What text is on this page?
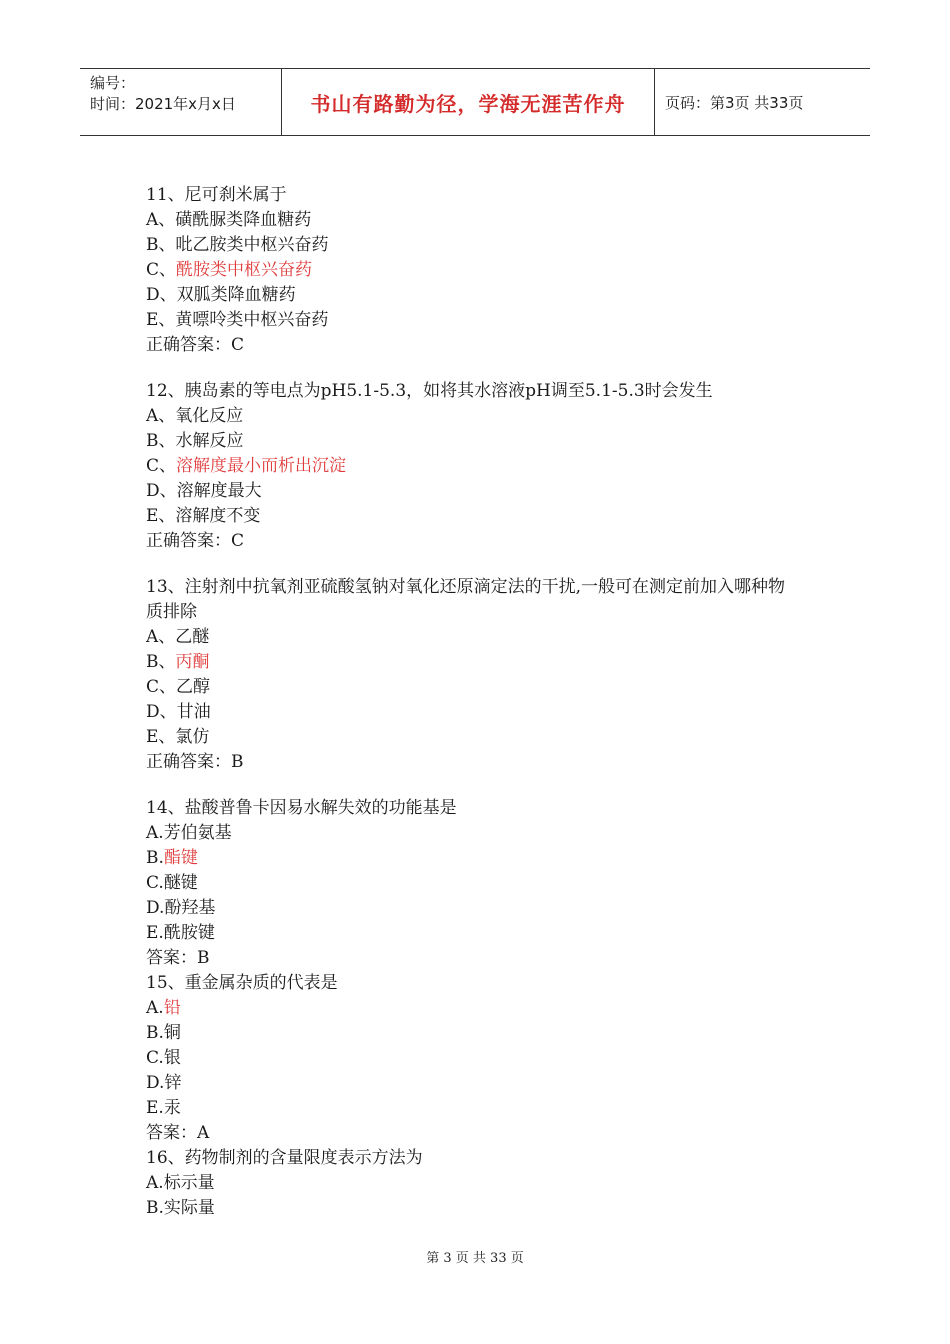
编号：
时间：2021年x月x日	书山有路勤为径，学海无涯苦作舟	页码：第3页 共33页
11、尼可刹米属于
A、磺酰脲类降血糖药
B、吡乙胺类中枢兴奋药
C、酰胺类中枢兴奋药
D、双胍类降血糖药
E、黄嘌呤类中枢兴奋药
正确答案：C
12、胰岛素的等电点为pH5.1-5.3，如将其水溶液pH调至5.1-5.3时会发生
A、氧化反应
B、水解反应
C、溶解度最小而析出沉淀
D、溶解度最大
E、溶解度不变
正确答案：C
13、注射剂中抗氧剂亚硫酸氢钠对氧化还原滴定法的干扰,一般可在测定前加入哪种物质排除
A、乙醚
B、丙酮
C、乙醇
D、甘油
E、氯仿
正确答案：B
14、盐酸普鲁卡因易水解失效的功能基是
A.芳伯氨基
B.酯键
C.醚键
D.酚羟基
E.酰胺键
答案：B
15、重金属杂质的代表是
A.铅
B.铜
C.银
D.锌
E.汞
答案：A
16、药物制剂的含量限度表示方法为
A.标示量
B.实际量
第 3 页 共 33 页
